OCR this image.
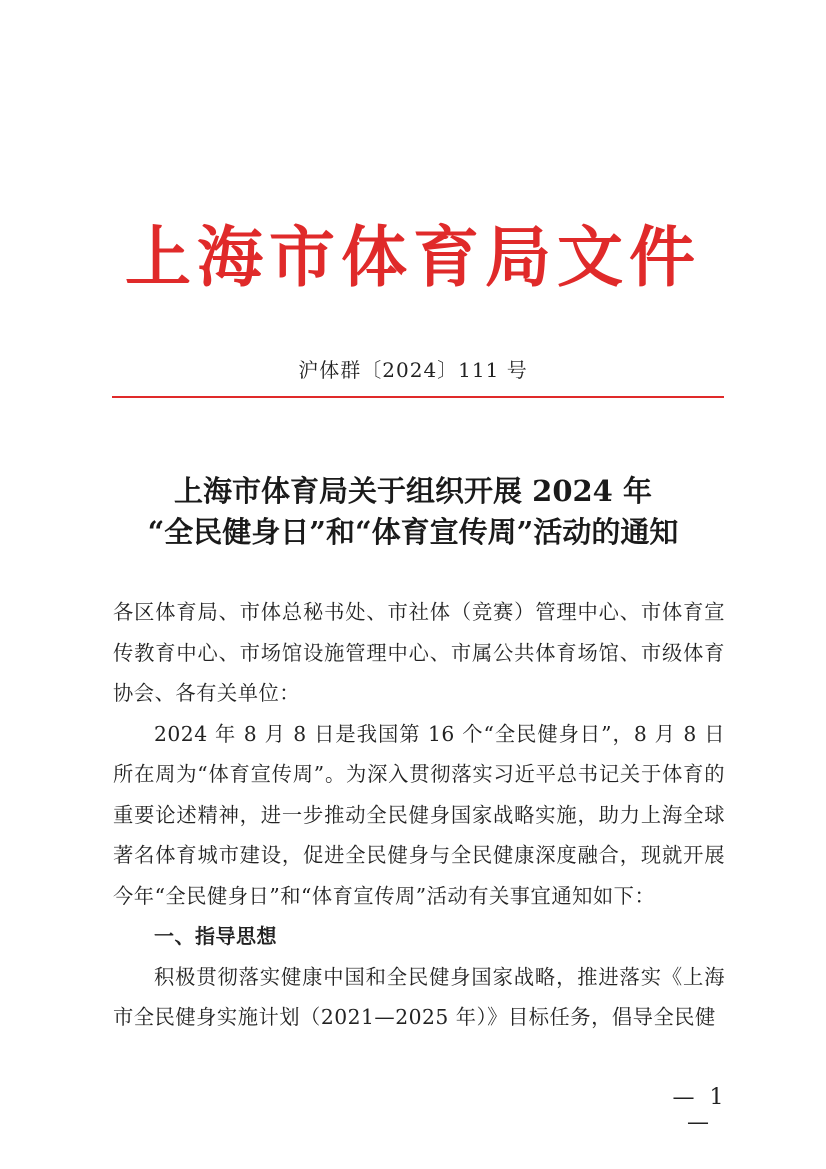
上海市体育局文件
沪体群〔2024〕111 号
上海市体育局关于组织开展 2024 年
“全民健身日”和“体育宣传周”活动的通知

各区体育局、市体总秘书处、市社体（竞赛）管理中心、市体育宣传教育中心、市场馆设施管理中心、市属公共体育场馆、市级体育协会、各有关单位：

2024 年 8 月 8 日是我国第 16 个“全民健身日”，8 月 8 日所在周为“体育宣传周”。为深入贯彻落实习近平总书记关于体育的重要论述精神，进一步推动全民健身国家战略实施，助力上海全球著名体育城市建设，促进全民健身与全民健康深度融合，现就开展今年“全民健身日”和“体育宣传周”活动有关事宜通知如下：

一、指导思想

积极贯彻落实健康中国和全民健身国家战略，推进落实《上海市全民健身实施计划（2021—2025 年）》目标任务，倡导全民健

— 1 —
